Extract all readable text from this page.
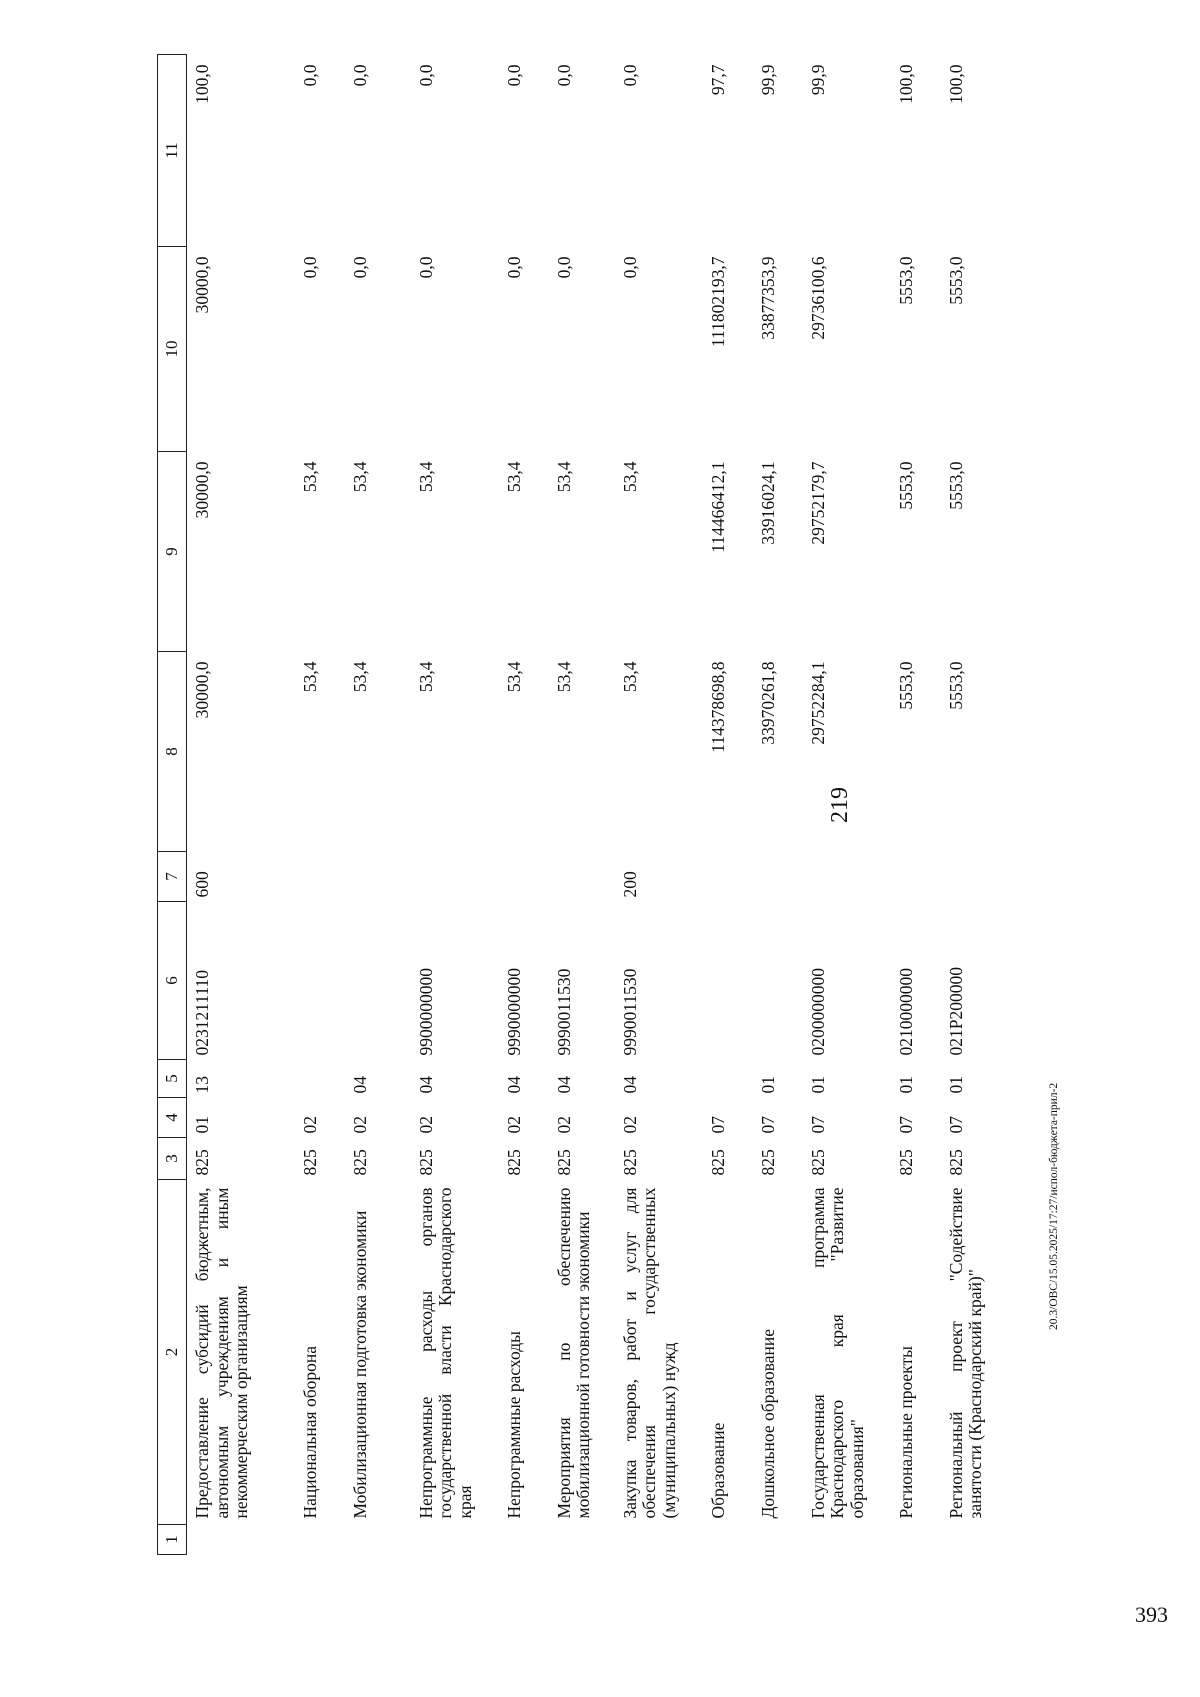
1	2	3	4	5	6	7	8	9	10	11
	Предоставление субсидий бюджетным, автономным учреждениям и иным некоммерческим организациям	825	01	13	0231211110	600	30000,0	30000,0	30000,0	100,0
	Национальная оборона	825	02				53,4	53,4	0,0	0,0
	Мобилизационная подготовка экономики	825	02	04			53,4	53,4	0,0	0,0
	Непрограммные расходы органов государственной власти Краснодарского края	825	02	04	9900000000		53,4	53,4	0,0	0,0
	Непрограммные расходы	825	02	04	9990000000		53,4	53,4	0,0	0,0
	Мероприятия по обеспечению мобилизационной готовности экономики	825	02	04	9990011530		53,4	53,4	0,0	0,0
	Закупка товаров, работ и услуг для обеспечения государственных (муниципальных) нужд	825	02	04	9990011530	200	53,4	53,4	0,0	0,0
	Образование	825	07				114378698,8	114466412,1	111802193,7	97,7
	Дошкольное образование	825	07	01			33970261,8	33916024,1	33877353,9	99,9
	Государственная программа Краснодарского края "Развитие образования"	825	07	01	0200000000		29752284,1	29752179,7	29736100,6	99,9
	Региональные проекты	825	07	01	0210000000		5553,0	5553,0	5553,0	100,0
	Региональный проект "Содействие занятости (Краснодарский край)"	825	07	01	021Р200000		5553,0	5553,0	5553,0	100,0
219
20.3/ОВС/15.05.2025/17:27/испол-бюджета-прил-2
393
